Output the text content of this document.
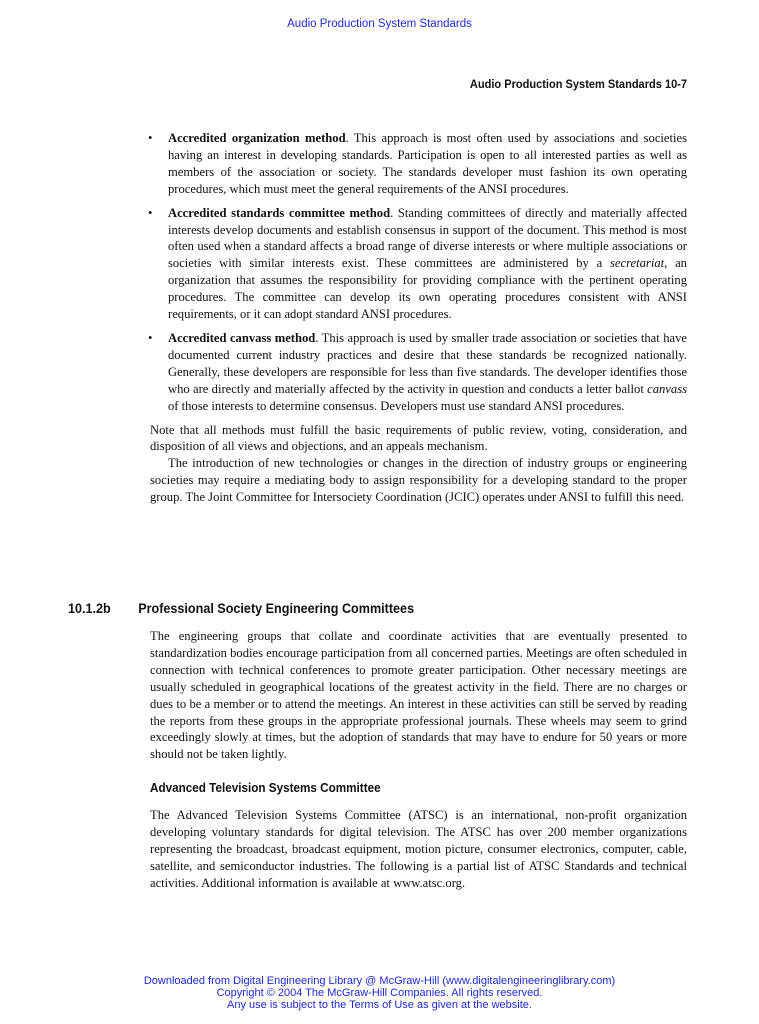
Audio Production System Standards
Audio Production System Standards 10-7
• Accredited organization method. This approach is most often used by associations and societies having an interest in developing standards. Participation is open to all interested parties as well as members of the association or society. The standards developer must fashion its own operating procedures, which must meet the general requirements of the ANSI procedures.
• Accredited standards committee method. Standing committees of directly and materially affected interests develop documents and establish consensus in support of the document. This method is most often used when a standard affects a broad range of diverse interests or where multiple associations or societies with similar interests exist. These committees are administered by a secretariat, an organization that assumes the responsibility for providing compliance with the pertinent operating procedures. The committee can develop its own operating procedures consistent with ANSI requirements, or it can adopt standard ANSI procedures.
• Accredited canvass method. This approach is used by smaller trade association or societies that have documented current industry practices and desire that these standards be recognized nationally. Generally, these developers are responsible for less than five standards. The developer identifies those who are directly and materially affected by the activity in question and conducts a letter ballot canvass of those interests to determine consensus. Developers must use standard ANSI procedures.

Note that all methods must fulfill the basic requirements of public review, voting, consideration, and disposition of all views and objections, and an appeals mechanism.

The introduction of new technologies or changes in the direction of industry groups or engineering societies may require a mediating body to assign responsibility for a developing standard to the proper group. The Joint Committee for Intersociety Coordination (JCIC) operates under ANSI to fulfill this need.

10.1.2b Professional Society Engineering Committees

The engineering groups that collate and coordinate activities that are eventually presented to standardization bodies encourage participation from all concerned parties. Meetings are often scheduled in connection with technical conferences to promote greater participation. Other necessary meetings are usually scheduled in geographical locations of the greatest activity in the field. There are no charges or dues to be a member or to attend the meetings. An interest in these activities can still be served by reading the reports from these groups in the appropriate professional journals. These wheels may seem to grind exceedingly slowly at times, but the adoption of standards that may have to endure for 50 years or more should not be taken lightly.

Advanced Television Systems Committee

The Advanced Television Systems Committee (ATSC) is an international, non-profit organization developing voluntary standards for digital television. The ATSC has over 200 member organizations representing the broadcast, broadcast equipment, motion picture, consumer electronics, computer, cable, satellite, and semiconductor industries. The following is a partial list of ATSC Standards and technical activities. Additional information is available at www.atsc.org.

Downloaded from Digital Engineering Library @ McGraw-Hill (www.digitalengineeringlibrary.com)
Copyright © 2004 The McGraw-Hill Companies. All rights reserved.
Any use is subject to the Terms of Use as given at the website.
